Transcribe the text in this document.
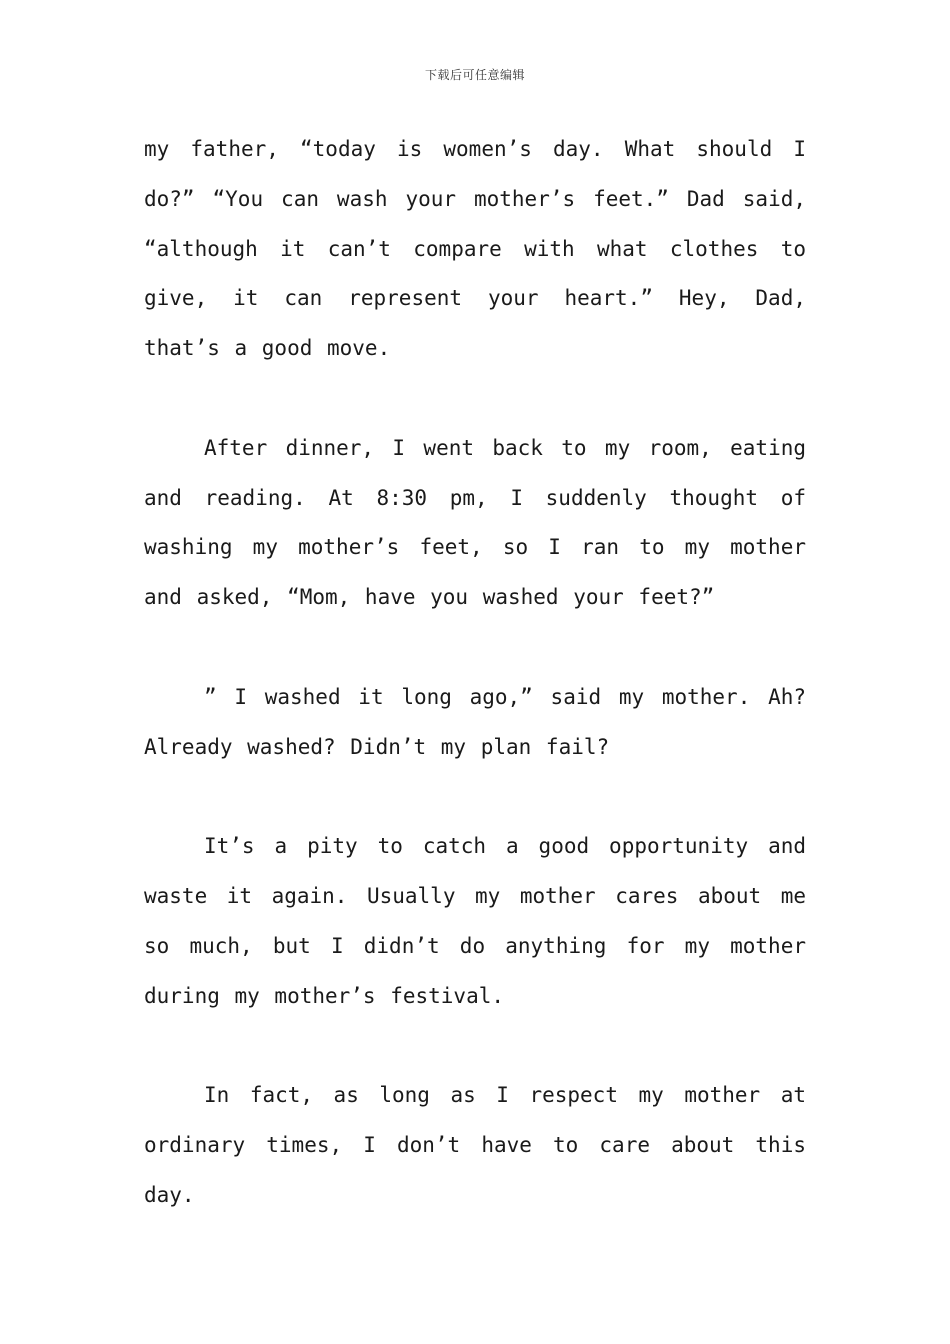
下载后可任意编辑

my father, “today is women’s day. What should I do?” “You can wash your mother’s feet.” Dad said, “although it can’t compare with what clothes to give, it can represent your heart.” Hey, Dad, that’s a good move.

After dinner, I went back to my room, eating and reading. At 8:30 pm, I suddenly thought of washing my mother’s feet, so I ran to my mother and asked, “Mom, have you washed your feet?”

” I washed it long ago,” said my mother. Ah? Already washed? Didn’t my plan fail?

It’s a pity to catch a good opportunity and waste it again. Usually my mother cares about me so much, but I didn’t do anything for my mother during my mother’s festival.

In fact, as long as I respect my mother at ordinary times, I don’t have to care about this day.
